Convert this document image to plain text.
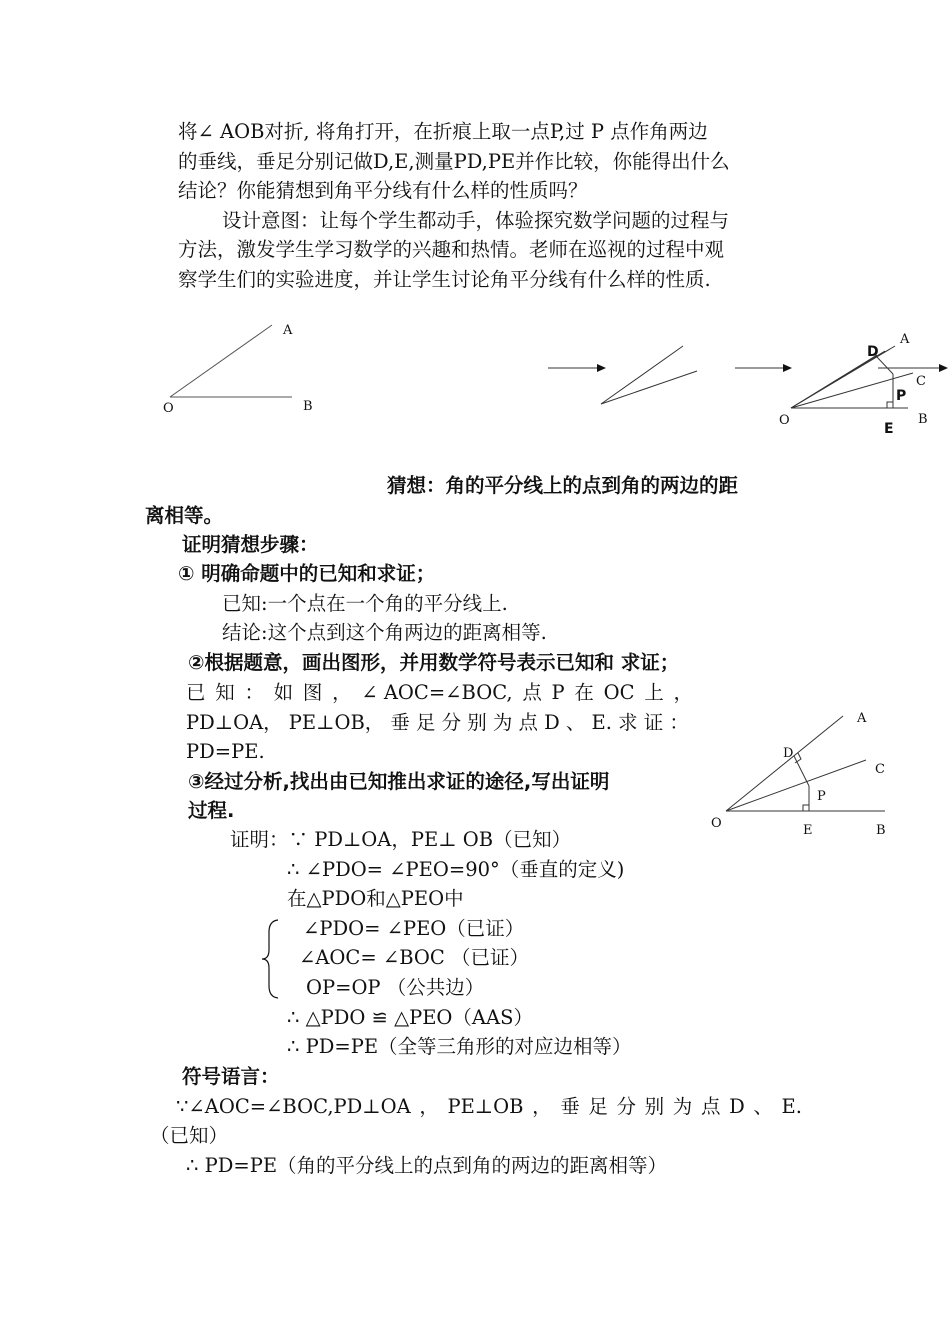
将∠ AOB对折, 将角打开，在折痕上取一点P,过 P 点作角两边
的垂线，垂足分别记做D,E,测量PD,PE并作比较，你能得出什么
结论？你能猜想到角平分线有什么样的性质吗？
设计意图：让每个学生都动手，体验探究数学问题的过程与
方法，激发学生学习数学的兴趣和热情。老师在巡视的过程中观
察学生们的实验进度，并让学生讨论角平分线有什么样的性质.
A
O	B
D
A
C
P
O	B
E
猜想：角的平分线上的点到角的两边的距
离相等。
证明猜想步骤：
① 明确命题中的已知和求证；
已知:一个点在一个角的平分线上.
结论:这个点到这个角两边的距离相等.
②根据题意，画出图形，并用数学符号表示已知和 求证；
已 知 ： 如 图 ， ∠ AOC=∠BOC, 点 P 在 OC 上 ，
PD⊥OA， PE⊥OB， 垂 足 分 别 为 点 D 、 E. 求 证 ：
PD=PE.
③经过分析,找出由已知推出求证的途径,写出证明
过程.
A
D
C
P
O	E	B
证明：∵ PD⊥OA，PE⊥ OB（已知）
∴ ∠PDO= ∠PEO=90°（垂直的定义)
在△PDO和△PEO中
∠PDO= ∠PEO（已证）
∠AOC= ∠BOC （已证）
OP=OP （公共边）
∴ △PDO ≌ △PEO（AAS）
∴ PD=PE（全等三角形的对应边相等）
符号语言：
∵∠AOC=∠BOC,PD⊥OA ， PE⊥OB ， 垂 足 分 别 为 点 D 、 E.
（已知）
∴ PD=PE（角的平分线上的点到角的两边的距离相等）
